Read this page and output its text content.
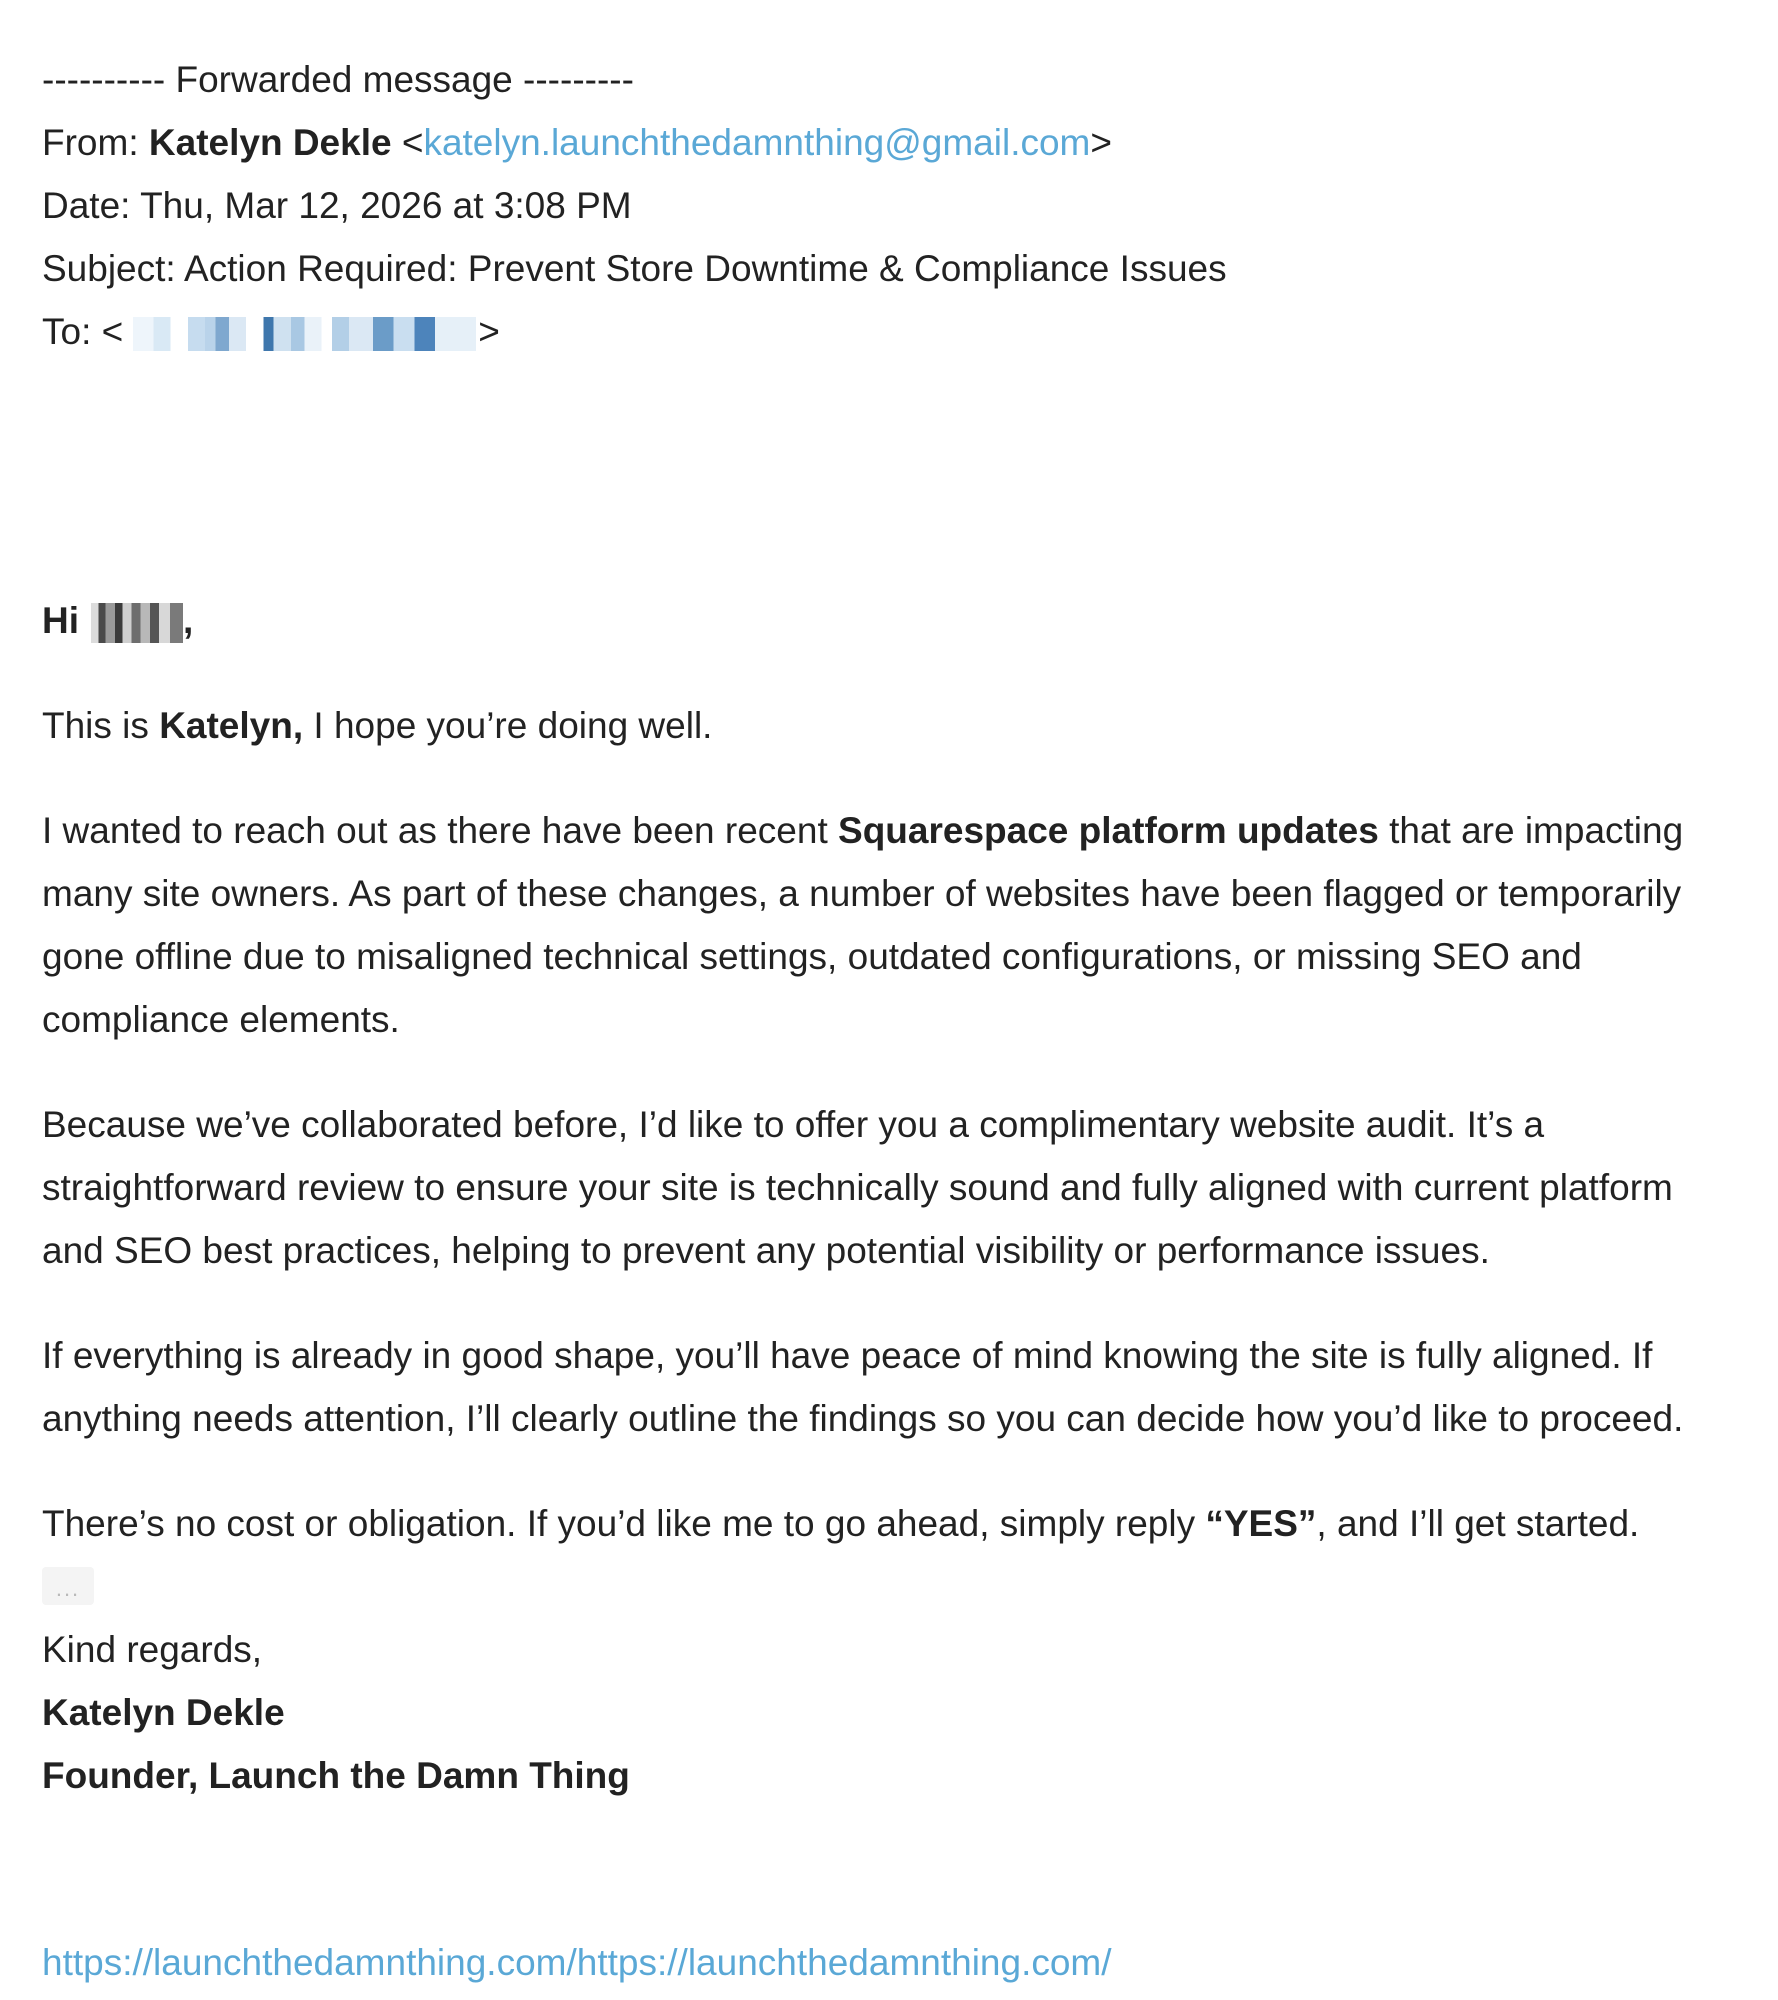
---------- Forwarded message ---------
From: Katelyn Dekle <katelyn.launchthedamnthing@gmail.com>
Date: Thu, Mar 12, 2026 at 3:08 PM
Subject: Action Required: Prevent Store Downtime & Compliance Issues
To: <	>
Hi	,

This is Katelyn, I hope you’re doing well.

I wanted to reach out as there have been recent Squarespace platform updates that are impacting many site owners. As part of these changes, a number of websites have been flagged or temporarily gone offline due to misaligned technical settings, outdated configurations, or missing SEO and compliance elements.

Because we’ve collaborated before, I’d like to offer you a complimentary website audit. It’s a straightforward review to ensure your site is technically sound and fully aligned with current platform and SEO best practices, helping to prevent any potential visibility or performance issues.

If everything is already in good shape, you’ll have peace of mind knowing the site is fully aligned. If anything needs attention, I’ll clearly outline the findings so you can decide how you’d like to proceed.

There’s no cost or obligation. If you’d like me to go ahead, simply reply “YES”, and I’ll get started.

...
Kind regards,
Katelyn Dekle
Founder, Launch the Damn Thing
https://launchthedamnthing.com/https://launchthedamnthing.com/
